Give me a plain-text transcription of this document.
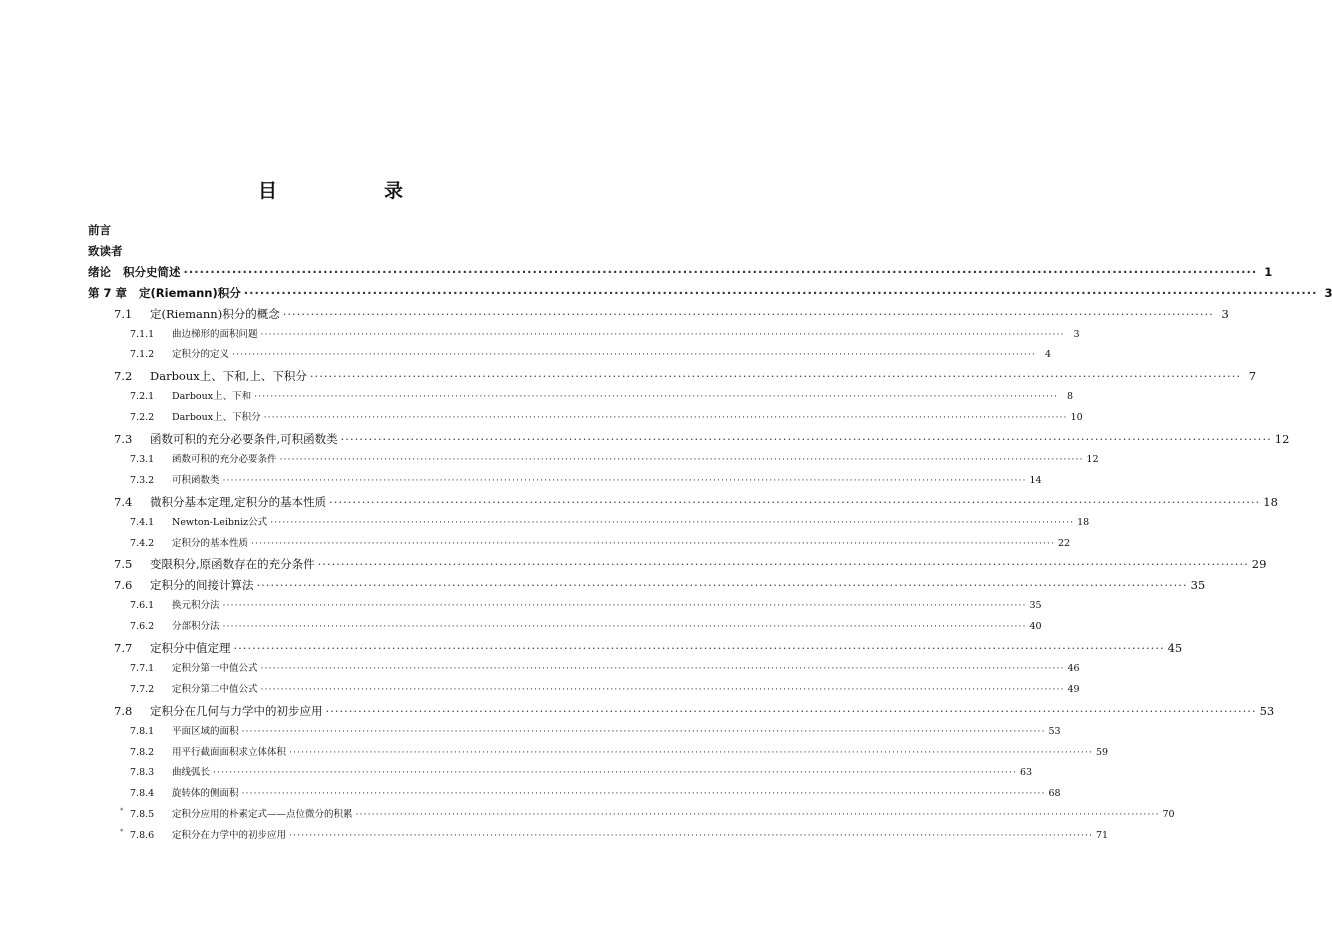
目　录
前言
致读者
绪论 积分史简述 ········································································································································································································ 1
第 7 章 定(Riemann)积分 ········································································································································································································ 3
7.1	定(Riemann)积分的概念 ········································································································································································································ 3
7.1.1	曲边梯形的面积问题 ········································································································································································································ 3
7.1.2	定积分的定义 ········································································································································································································ 4
7.2	Darboux上、下和,上、下积分 ········································································································································································································ 7
7.2.1	Darboux上、下和 ········································································································································································································ 8
7.2.2	Darboux上、下积分 ········································································································································································································ 10
7.3	函数可积的充分必要条件,可积函数类 ········································································································································································································ 12
7.3.1	函数可积的充分必要条件 ········································································································································································································ 12
7.3.2	可积函数类 ········································································································································································································ 14
7.4	微积分基本定理,定积分的基本性质 ········································································································································································································ 18
7.4.1	Newton-Leibniz公式 ········································································································································································································ 18
7.4.2	定积分的基本性质 ········································································································································································································ 22
7.5	变限积分,原函数存在的充分条件 ········································································································································································································ 29
7.6	定积分的间接计算法 ········································································································································································································ 35
7.6.1	换元积分法 ········································································································································································································ 35
7.6.2	分部积分法 ········································································································································································································ 40
7.7	定积分中值定理 ········································································································································································································ 45
7.7.1	定积分第一中值公式 ········································································································································································································ 46
7.7.2	定积分第二中值公式 ········································································································································································································ 49
7.8	定积分在几何与力学中的初步应用 ········································································································································································································ 53
7.8.1	平面区域的面积 ········································································································································································································ 53
7.8.2	用平行截面面积求立体体积 ········································································································································································································ 59
7.8.3	曲线弧长 ········································································································································································································ 63
7.8.4	旋转体的侧面积 ········································································································································································································ 68
* 7.8.5	定积分应用的朴素定式——点位微分的积累 ········································································································································································································ 70
* 7.8.6	定积分在力学中的初步应用 ········································································································································································································ 71
